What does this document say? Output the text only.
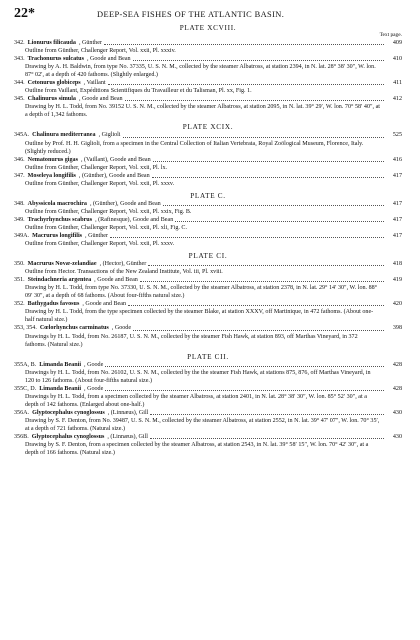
22*	DEEP-SEA FISHES OF THE ATLANTIC BASIN.

PLATE XCVIII.

Text page.

342. Lionurus filicauda , Günther	409
Outline from Günther, Challenger Report, Vol. xxii, Pl. xxxiv.
343. Trachonurus sulcatus , Goode and Bean	410
Drawing by A. H. Baldwin, from type No. 37335, U. S. N. M., collected by the steamer Albatross, at station 2394, in N. lat. 28° 38′ 30″, W. lon. 87° 02′, at a depth of 420 fathoms. (Slightly enlarged.)
344. Cetonurus globiceps , Vaillant	411
Outline from Vaillant, Expéditions Scientifiques du Travailleur et du Talisman, Pl. xx, Fig. 1.
345. Chalinurus simula , Goode and Bean	412
Drawing by H. L. Todd, from No. 39152 U. S. N. M., collected by the steamer Albatross, at station 2095, in N. lat. 39° 29′, W. lon. 70° 58′ 40″, at a depth of 1,342 fathoms.

PLATE XCIX.

345A. Chalinura mediterranea , Giglioli	525
Outline by Prof. H. H. Giglioli, from a specimen in the Central Collection of Italian Vertebrata, Royal Zoölogical Museum, Florence, Italy. (Slightly reduced.)
346. Nematonurus gigas , (Vaillant), Goode and Bean	416
Outline from Günther, Challenger Report, Vol. xxii, Pl. lx.
347. Moseleya longifilis , (Günther), Goode and Bean	417
Outline from Günther, Challenger Report, Vol. xxii, Pl. xxxv.

PLATE C.

348. Abyssicola macrochira , (Günther), Goode and Bean	417
Outline from Günther, Challenger Report, Vol. xxii, Pl. xxix, Fig. B.
349. Trachyrhynchus scabrus , (Rafinesque), Goode and Bean	417
Outline from Günther, Challenger Report, Vol. xxii, Pl. xli, Fig. C.
349A. Macrurus longifilis , Günther	417
Outline from Günther, Challenger Report, Vol. xxii, Pl. xxxv.

PLATE CI.

350. Macrurus Novæ-zelandiae , (Hector), Günther	418
Outline from Hector. Transactions of the New Zealand Institute, Vol. iii, Pl. xviii.
351. Steindachneria argentea , Goode and Bean	419
Drawing by H. L. Todd, from type No. 37330, U. S. N. M., collected by the steamer Albatross, at station 2378, in N. lat. 29° 14′ 30″, W. lon. 88° 09′ 30″, at a depth of 68 fathoms. (About four-fifths natural size.)
352. Bathygadus favosus , Goode and Bean	420
Drawing by H. L. Todd, from the type specimen collected by the steamer Blake, at station XXXV, off Martinique, in 472 fathoms. (About one-half natural size.)
353, 354. Cœlorhynchus carminatus , Goode	398
Drawings by H. L. Todd, from No. 26187, U. S. N. M., collected by the steamer Fish Hawk, at station 893, off Marthas Vineyard, in 372 fathoms. (Natural size.)

PLATE CII.

355A, B. Limanda Beanii , Goode	428
Drawings by H. L. Todd, from No. 26102, U. S. N. M., collected by the the steamer Fish Hawk, at stations 875, 876, off Marthas Vineyard, in 120 to 126 fathoms. (About four-fifths natural size.)
355C, D. Limanda Beanii , Goode	428
Drawings by H. L. Todd, from a specimen collected by the steamer Albatross, at station 2401, in N. lat. 28° 38′ 30″, W. lon. 85° 52′ 30″, at a depth of 142 fathoms. (Enlarged about one-half.)
356A. Glyptocephalus cynoglossus , (Linnæus), Gill	430
Drawing by S. F. Denton, from No. 39487, U. S. N. M., collected by the steamer Albatross, at station 2552, in N. lat. 39° 47′ 07″, W. lon. 70° 35′, at a depth of 721 fathoms. (Natural size.)
356B. Glyptocephalus cynoglossus , (Linnæus), Gill	430
Drawing by S. F. Denton, from a specimen collected by the steamer Albatross, at station 2543, in N. lat. 39° 58′ 15″, W. lon. 70° 42′ 30″, at a depth of 166 fathoms. (Natural size.)
